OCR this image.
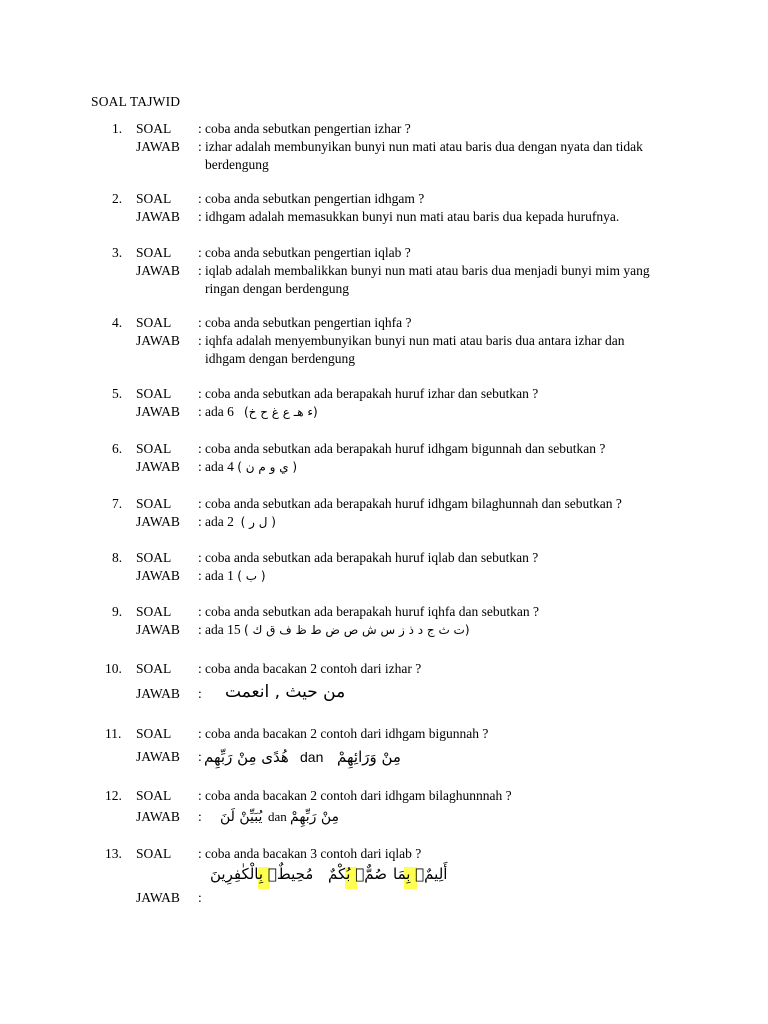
SOAL TAJWID
1. SOAL : coba anda sebutkan pengertian izhar ?
JAWAB : izhar adalah membunyikan bunyi nun mati atau baris dua dengan nyata dan tidak
berdengung
2. SOAL : coba anda sebutkan pengertian idhgam ?
JAWAB : idhgam adalah memasukkan bunyi nun mati atau baris dua kepada hurufnya.
3. SOAL : coba anda sebutkan pengertian iqlab ?
JAWAB : iqlab adalah membalikkan bunyi nun mati atau baris dua menjadi bunyi mim yang
ringan dengan berdengung
4. SOAL : coba anda sebutkan pengertian iqhfa ?
JAWAB : iqhfa adalah menyembunyikan bunyi nun mati atau baris dua antara izhar dan
idhgam dengan berdengung
5. SOAL : coba anda sebutkan ada berapakah huruf izhar dan sebutkan ?
JAWAB : ada 6 (ء هـ ع غ ح خ)
6. SOAL : coba anda sebutkan ada berapakah huruf idhgam bigunnah dan sebutkan ?
JAWAB : ada 4 ( ي و م ن )
7. SOAL : coba anda sebutkan ada berapakah huruf idhgam bilaghunnah dan sebutkan ?
JAWAB : ada 2 ( ل ر )
8. SOAL : coba anda sebutkan ada berapakah huruf iqlab dan sebutkan ?
JAWAB : ada 1 ( ب )
9. SOAL : coba anda sebutkan ada berapakah huruf iqhfa dan sebutkan ?
JAWAB : ada 15 (ت ث ج د ذ ز س ش ص ض ط ظ ف ق ك )
10. SOAL : coba anda bacakan 2 contoh dari izhar ?
JAWAB : من حيث , انعمت
11. SOAL : coba anda bacakan 2 contoh dari idhgam bigunnah ?
JAWAB : هُدًى مِنْ رَبِّهِم dan مِنْ وَرَائِهِمْ
12. SOAL : coba anda bacakan 2 contoh dari idhgam bilaghunnnah ?
JAWAB : يُبَيِّنْ لَنَ dan مِنْ رَبِّهِمْ
13. SOAL : coba anda bacakan 3 contoh dari iqlab ?
مُحِيطٌۢ بِالْكٰفِرِينَ صُمٌّۢ بُكْمٌ أَلِيمٌۢ بِمَا
JAWAB :
